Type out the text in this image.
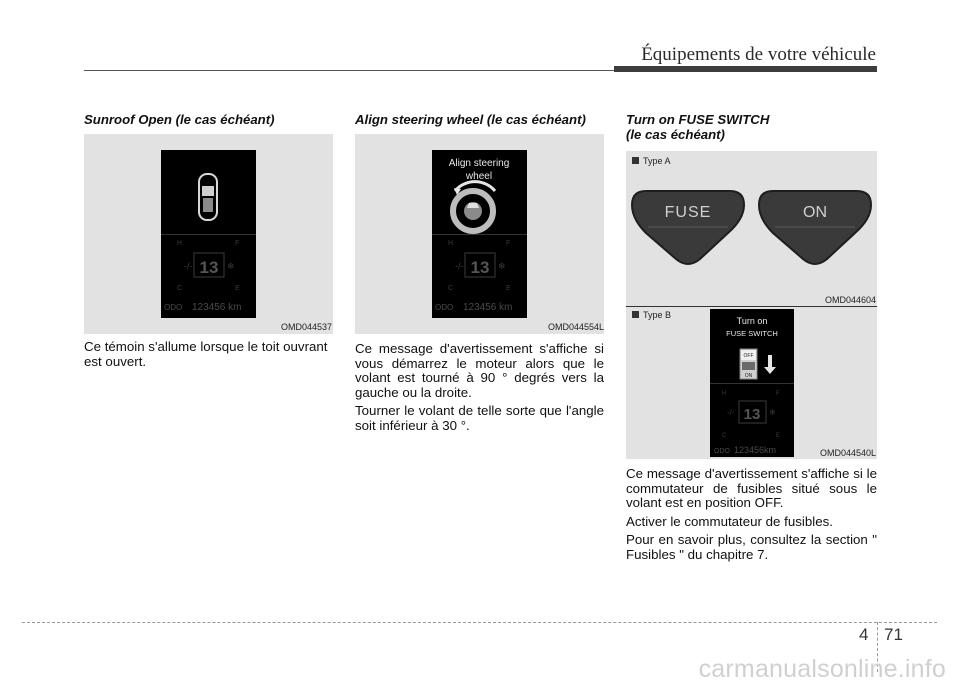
Équipements de votre véhicule
Sunroof Open (le cas échéant)
H	F
-/-	❄
13
C	E
ODO 123456 km
OMD044537

Ce témoin s'allume lorsque le toit ouvrant est ouvert.

Align steering wheel (le cas échéant)
Align steering
wheel
H	F
-/-	❄
13
C	E
ODO 123456 km
OMD044554L

Ce message d'avertissement s'affiche si vous démarrez le moteur alors que le volant est tourné à 90 ° degrés vers la gauche ou la droite.

Tourner le volant de telle sorte que l'angle soit inférieur à 30 °.

Turn on FUSE SWITCH
(le cas échéant)
FUSE	ON
Type A
OMD044604
Turn on
FUSE SWITCH
OFF
ON
H	F
-/-	❄
13
C	E
ODO 123456km
Type B
OMD044540L

Ce message d'avertissement s'affiche si le commutateur de fusibles situé sous le volant est en position OFF.

Activer le commutateur de fusibles.

Pour en savoir plus, consultez la section " Fusibles " du chapitre 7.

4 71
carmanualsonline.info
